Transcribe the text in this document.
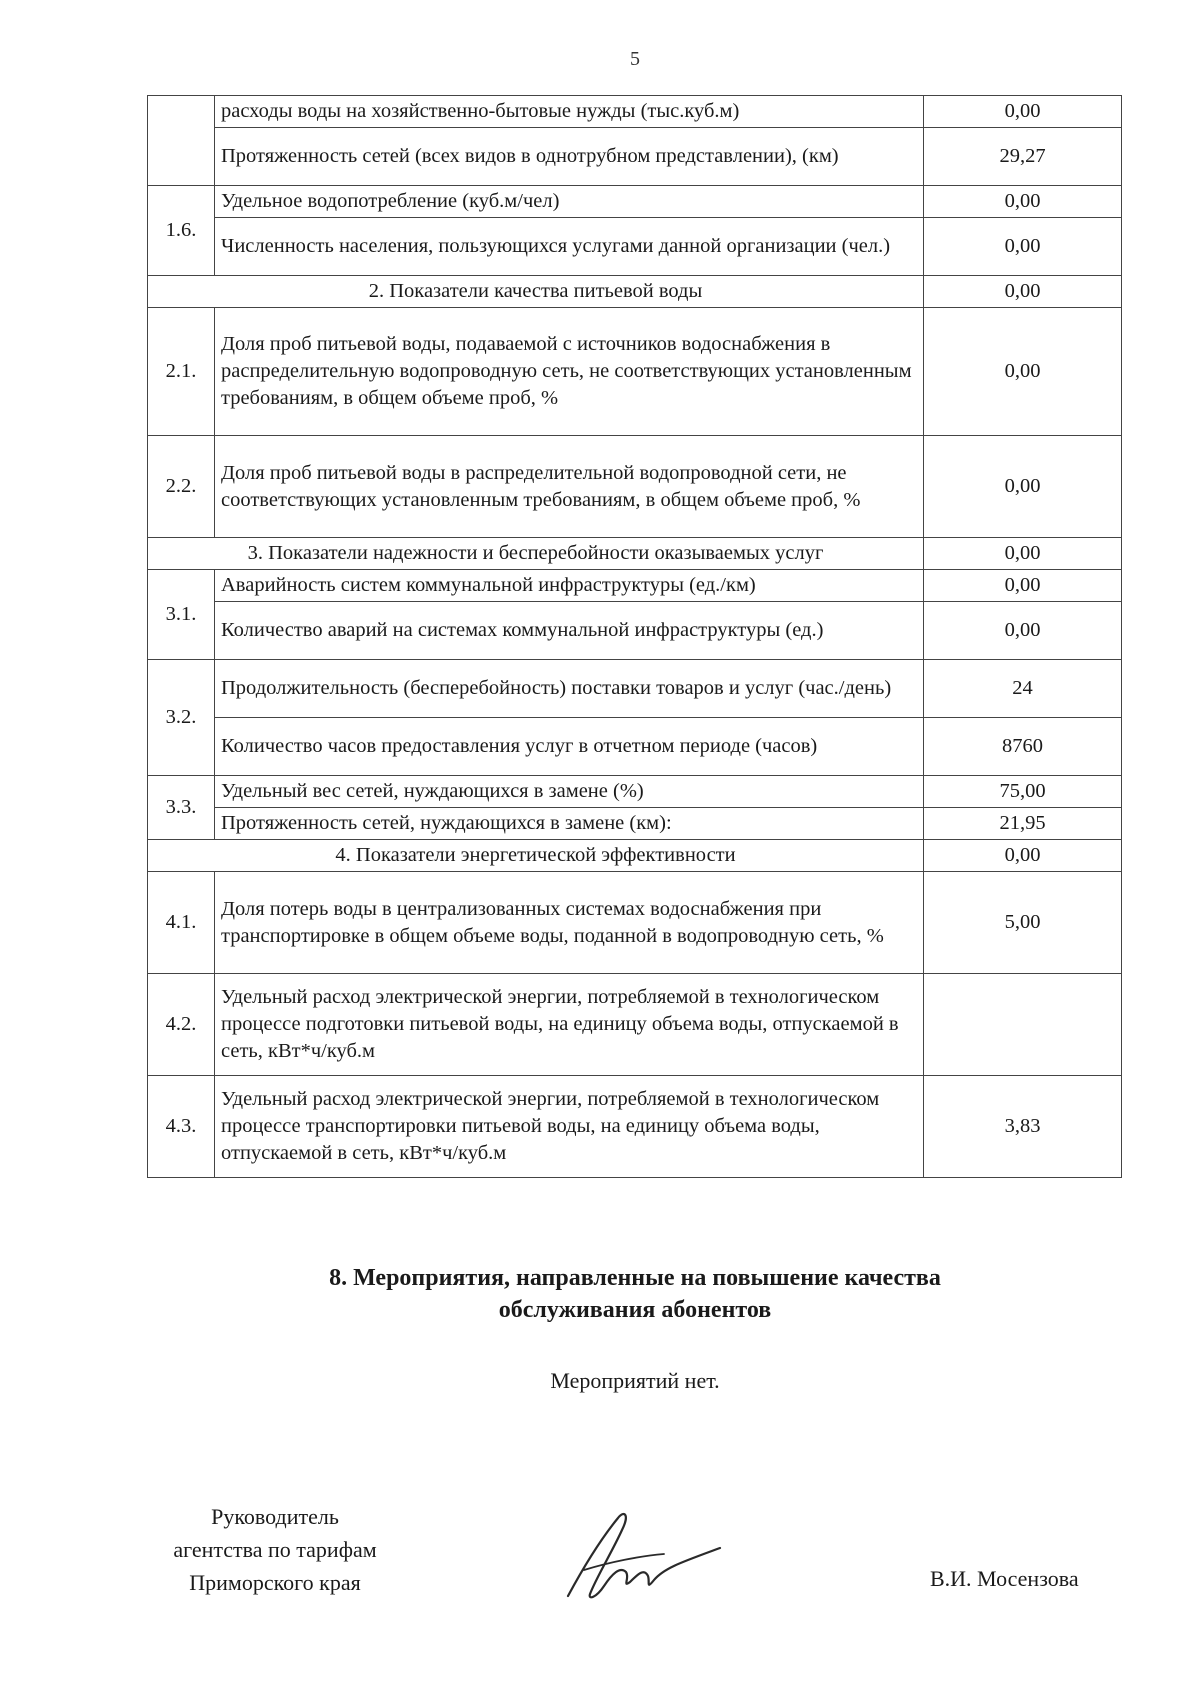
5
	расходы воды на хозяйственно-бытовые нужды (тыс.куб.м)	0,00
	Протяженность сетей (всех видов в однотрубном представлении), (км)	29,27
1.6.	Удельное водопотребление (куб.м/чел)	0,00
	Численность населения, пользующихся услугами данной организации (чел.)	0,00
2. Показатели качества питьевой воды		0,00
2.1.	Доля проб питьевой воды, подаваемой с источников водоснабжения в распределительную водопроводную сеть, не соответствующих установленным требованиям, в общем объеме проб, %	0,00
2.2.	Доля проб питьевой воды в распределительной водопроводной сети, не соответствующих установленным требованиям, в общем объеме проб, %	0,00
3. Показатели надежности и бесперебойности оказываемых услуг		0,00
3.1.	Аварийность систем коммунальной инфраструктуры (ед./км)	0,00
	Количество аварий на системах коммунальной инфраструктуры (ед.)	0,00
3.2.	Продолжительность (бесперебойность) поставки товаров и услуг (час./день)	24
	Количество часов предоставления услуг в отчетном периоде (часов)	8760
3.3.	Удельный вес сетей, нуждающихся в замене (%)	75,00
	Протяженность сетей, нуждающихся в замене (км):	21,95
4. Показатели энергетической эффективности		0,00
4.1.	Доля потерь воды в централизованных системах водоснабжения при транспортировке в общем объеме воды, поданной в водопроводную сеть, %	5,00
4.2.	Удельный расход электрической энергии, потребляемой в технологическом процессе подготовки питьевой воды, на единицу объема воды, отпускаемой в сеть, кВт*ч/куб.м	
4.3.	Удельный расход электрической энергии, потребляемой в технологическом процессе транспортировки питьевой воды, на единицу объема воды, отпускаемой в сеть, кВт*ч/куб.м	3,83
8. Мероприятия, направленные на повышение качества
обслуживания абонентов
Мероприятий нет.
Руководитель
агентства по тарифам
Приморского края	В.И. Мосензова
